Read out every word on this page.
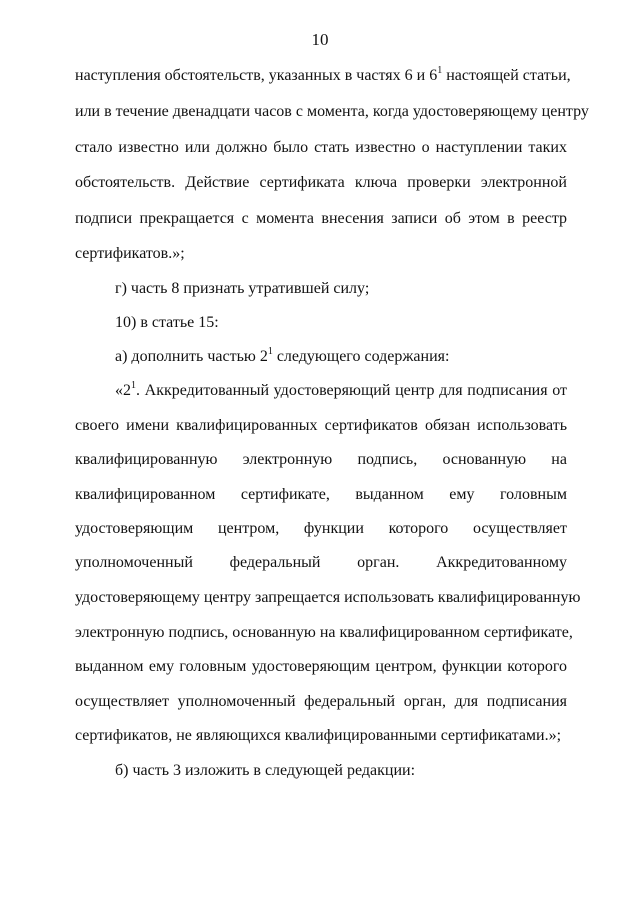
10
наступления обстоятельств, указанных в частях 6 и $6^1$ настоящей статьи,
или в течение двенадцати часов с момента, когда удостоверяющему центру
стало известно или должно было стать известно о наступлении таких
обстоятельств. Действие сертификата ключа проверки электронной
подписи прекращается с момента внесения записи об этом в реестр
сертификатов.»;
г) часть 8 признать утратившей силу;
10) в статье 15:
а) дополнить частью $2^1$ следующего содержания:
«$2^1$. Аккредитованный удостоверяющий центр для подписания от
своего имени квалифицированных сертификатов обязан использовать
квалифицированную электронную подпись, основанную на
квалифицированном сертификате, выданном ему головным
удостоверяющим центром, функции которого осуществляет
уполномоченный федеральный орган. Аккредитованному
удостоверяющему центру запрещается использовать квалифицированную
электронную подпись, основанную на квалифицированном сертификате,
выданном ему головным удостоверяющим центром, функции которого
осуществляет уполномоченный федеральный орган, для подписания
сертификатов, не являющихся квалифицированными сертификатами.»;
б) часть 3 изложить в следующей редакции:
